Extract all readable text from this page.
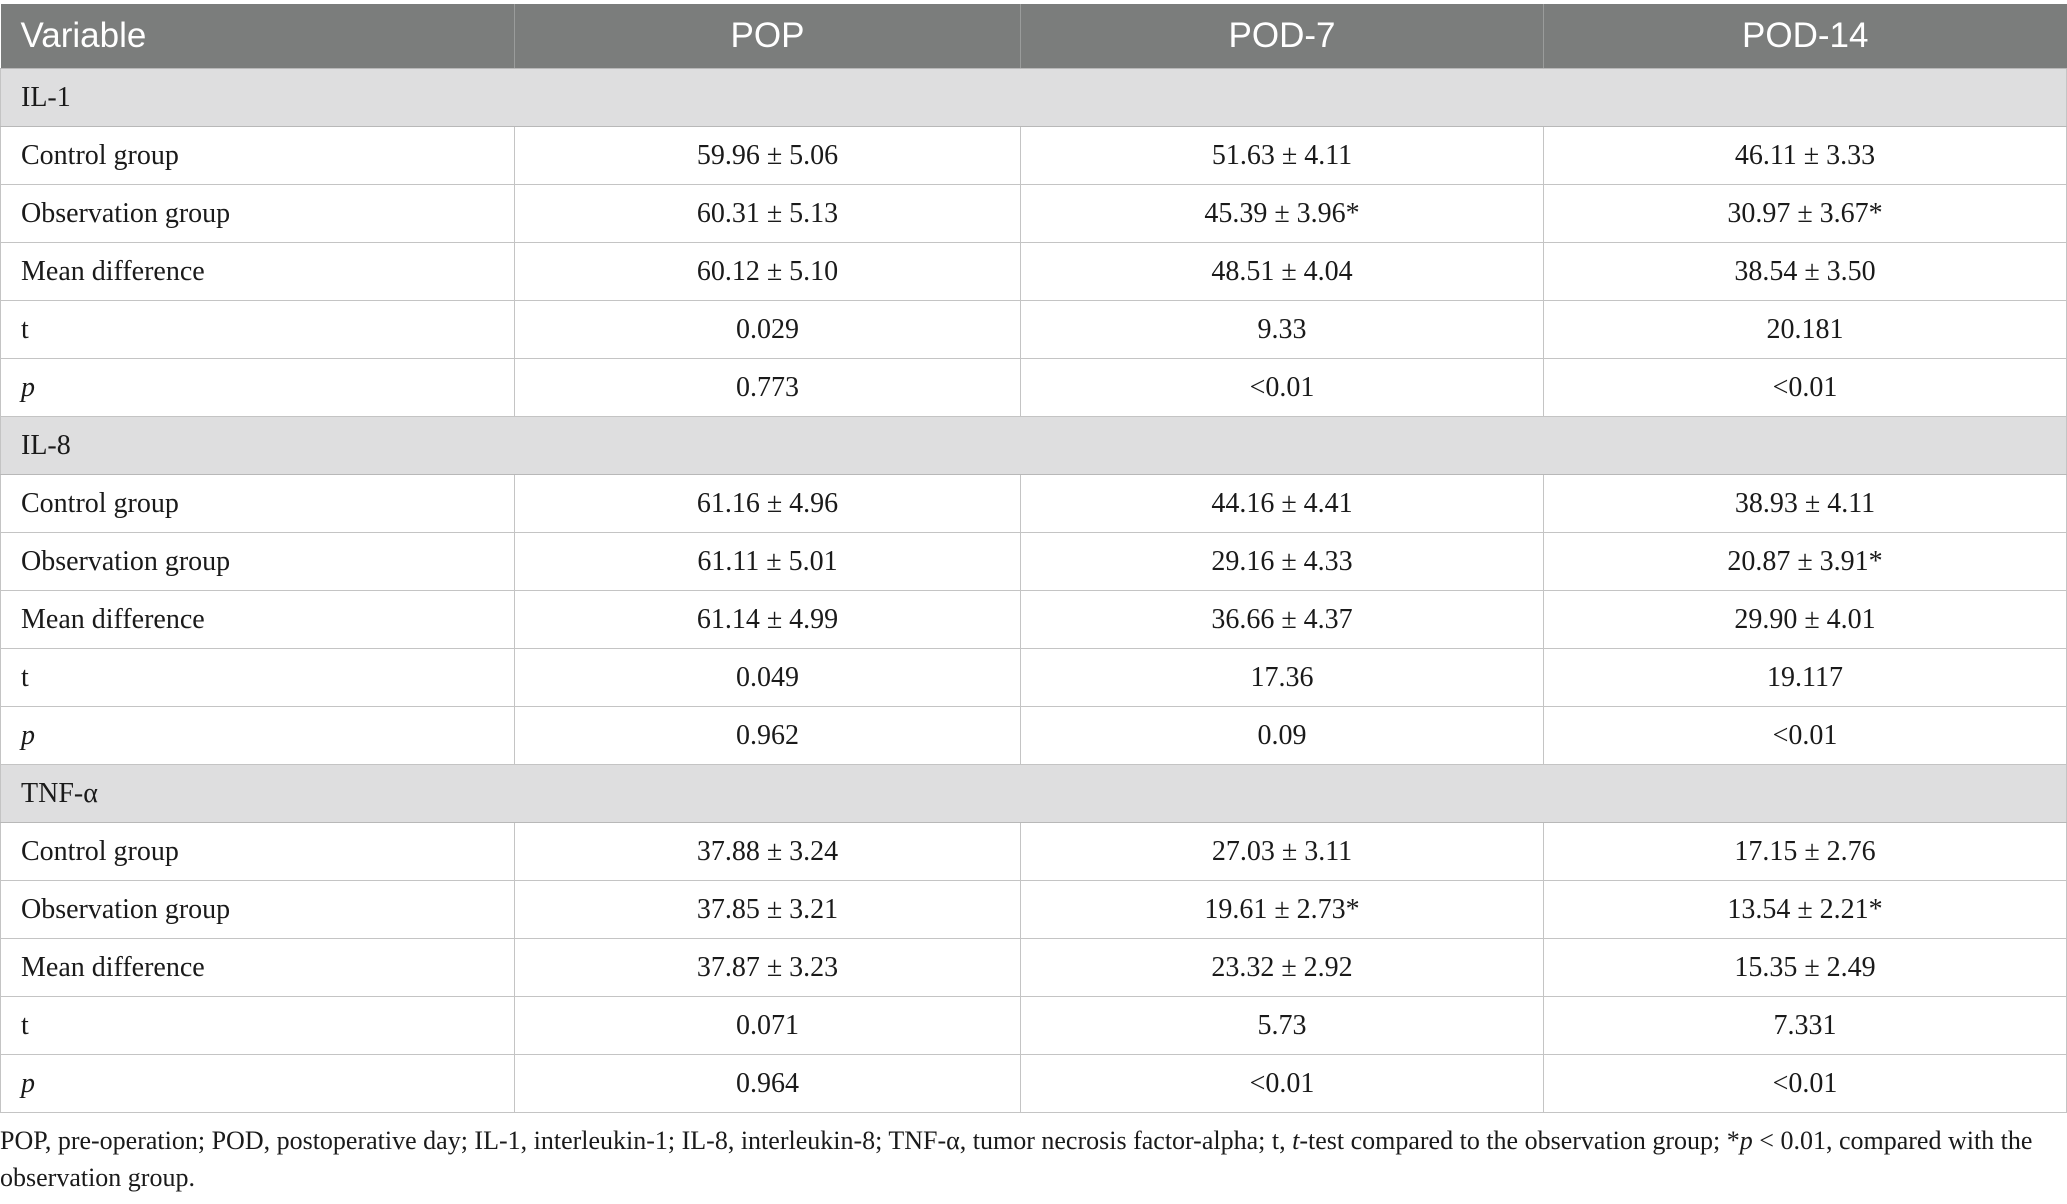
Variable	POP	POD-7	POD-14
IL-1			
Control group	59.96 ± 5.06	51.63 ± 4.11	46.11 ± 3.33
Observation group	60.31 ± 5.13	45.39 ± 3.96*	30.97 ± 3.67*
Mean difference	60.12 ± 5.10	48.51 ± 4.04	38.54 ± 3.50
t	0.029	9.33	20.181
p	0.773	<0.01	<0.01
IL-8			
Control group	61.16 ± 4.96	44.16 ± 4.41	38.93 ± 4.11
Observation group	61.11 ± 5.01	29.16 ± 4.33	20.87 ± 3.91*
Mean difference	61.14 ± 4.99	36.66 ± 4.37	29.90 ± 4.01
t	0.049	17.36	19.117
p	0.962	0.09	<0.01
TNF-α			
Control group	37.88 ± 3.24	27.03 ± 3.11	17.15 ± 2.76
Observation group	37.85 ± 3.21	19.61 ± 2.73*	13.54 ± 2.21*
Mean difference	37.87 ± 3.23	23.32 ± 2.92	15.35 ± 2.49
t	0.071	5.73	7.331
p	0.964	<0.01	<0.01
POP, pre-operation; POD, postoperative day; IL-1, interleukin-1; IL-8, interleukin-8; TNF-α, tumor necrosis factor-alpha; t, t-test compared to the observation group; *p < 0.01, compared with the observation group.
